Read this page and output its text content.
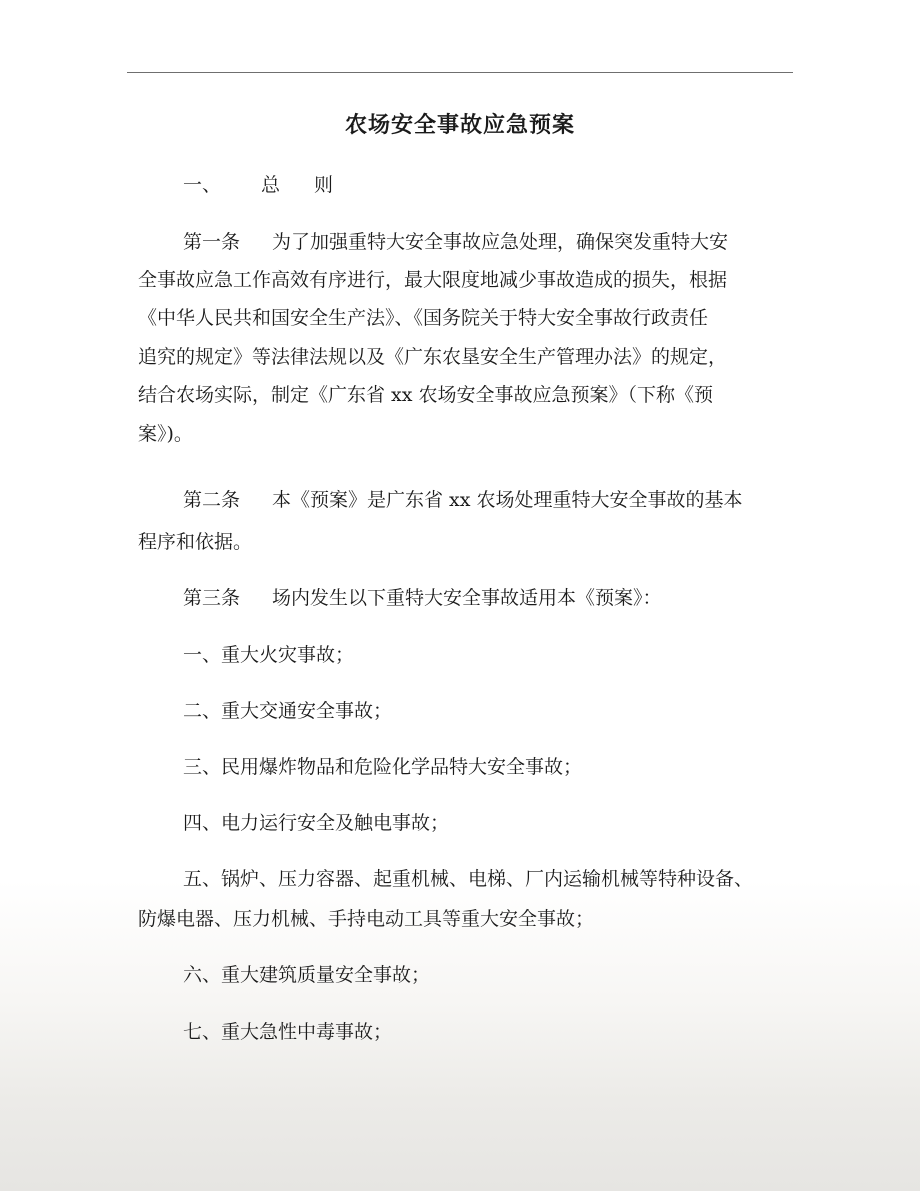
农场安全事故应急预案
一、 总 则
第一条 为了加强重特大安全事故应急处理，确保突发重特大安
全事故应急工作高效有序进行，最大限度地减少事故造成的损失，根据
《中华人民共和国安全生产法》、《国务院关于特大安全事故行政责任
追究的规定》等法律法规以及《广东农垦安全生产管理办法》的规定，
结合农场实际，制定《广东省 xx 农场安全事故应急预案》（下称《预
案》)。
第二条 本《预案》是广东省 xx 农场处理重特大安全事故的基本
程序和依据。
第三条 场内发生以下重特大安全事故适用本《预案》：
一、重大火灾事故；
二、重大交通安全事故；
三、民用爆炸物品和危险化学品特大安全事故；
四、电力运行安全及触电事故；
五、锅炉、压力容器、起重机械、电梯、厂内运输机械等特种设备、
防爆电器、压力机械、手持电动工具等重大安全事故；
六、重大建筑质量安全事故；
七、重大急性中毒事故；
